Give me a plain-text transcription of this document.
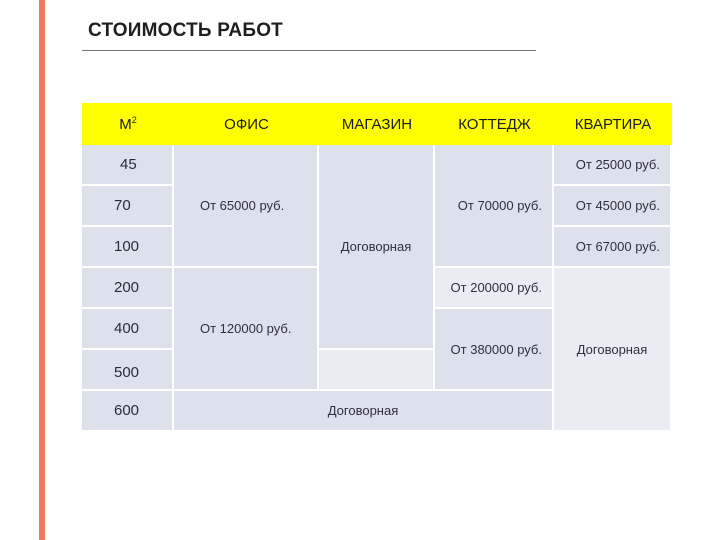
СТОИМОСТЬ РАБОТ
$М^2$	ОФИС	МАГАЗИН	КОТТЕДЖ	КВАРТИРА
45	От 65000 руб.	Договорная	От 70000 руб.	От 25000 руб.
70				От 45000 руб.
100				От 67000 руб.
200	От 120000 руб.		От 200000 руб.	Договорная
400			От 380000 руб.	
500				
600	Договорная			
